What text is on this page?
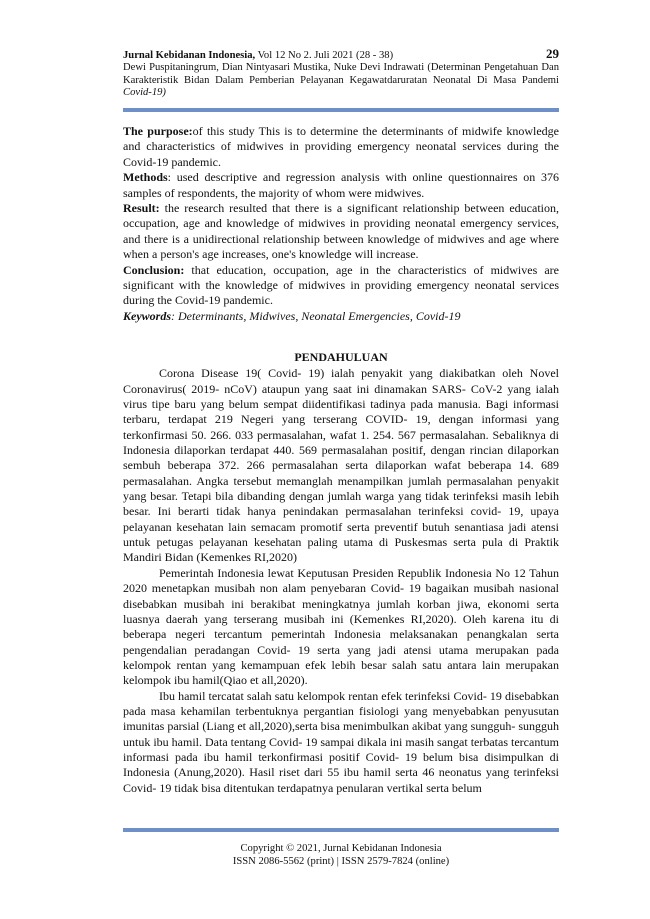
Jurnal Kebidanan Indonesia, Vol 12 No 2. Juli 2021 (28 - 38)	29
Dewi Puspitaningrum, Dian Nintyasari Mustika, Nuke Devi Indrawati (Determinan Pengetahuan Dan Karakteristik Bidan Dalam Pemberian Pelayanan Kegawatdaruratan Neonatal Di Masa Pandemi Covid-19)

The purpose:of this study This is to determine the determinants of midwife knowledge and characteristics of midwives in providing emergency neonatal services during the Covid-19 pandemic.

Methods: used descriptive and regression analysis with online questionnaires on 376 samples of respondents, the majority of whom were midwives.

Result: the research resulted that there is a significant relationship between education, occupation, age and knowledge of midwives in providing neonatal emergency services, and there is a unidirectional relationship between knowledge of midwives and age where when a person's age increases, one's knowledge will increase.

Conclusion: that education, occupation, age in the characteristics of midwives are significant with the knowledge of midwives in providing emergency neonatal services during the Covid-19 pandemic.

Keywords: Determinants, Midwives, Neonatal Emergencies, Covid-19

PENDAHULUAN

Corona Disease 19( Covid- 19) ialah penyakit yang diakibatkan oleh Novel Coronavirus( 2019- nCoV) ataupun yang saat ini dinamakan SARS- CoV-2 yang ialah virus tipe baru yang belum sempat diidentifikasi tadinya pada manusia. Bagi informasi terbaru, terdapat 219 Negeri yang terserang COVID- 19, dengan informasi yang terkonfirmasi 50. 266. 033 permasalahan, wafat 1. 254. 567 permasalahan. Sebaliknya di Indonesia dilaporkan terdapat 440. 569 permasalahan positif, dengan rincian dilaporkan sembuh beberapa 372. 266 permasalahan serta dilaporkan wafat beberapa 14. 689 permasalahan. Angka tersebut memanglah menampilkan jumlah permasalahan penyakit yang besar. Tetapi bila dibanding dengan jumlah warga yang tidak terinfeksi masih lebih besar. Ini berarti tidak hanya penindakan permasalahan terinfeksi covid- 19, upaya pelayanan kesehatan lain semacam promotif serta preventif butuh senantiasa jadi atensi untuk petugas pelayanan kesehatan paling utama di Puskesmas serta pula di Praktik Mandiri Bidan (Kemenkes RI,2020)

Pemerintah Indonesia lewat Keputusan Presiden Republik Indonesia No 12 Tahun 2020 menetapkan musibah non alam penyebaran Covid- 19 bagaikan musibah nasional disebabkan musibah ini berakibat meningkatnya jumlah korban jiwa, ekonomi serta luasnya daerah yang terserang musibah ini (Kemenkes RI,2020). Oleh karena itu di beberapa negeri tercantum pemerintah Indonesia melaksanakan penangkalan serta pengendalian peradangan Covid- 19 serta yang jadi atensi utama merupakan pada kelompok rentan yang kemampuan efek lebih besar salah satu antara lain merupakan kelompok ibu hamil(Qiao et all,2020).

Ibu hamil tercatat salah satu kelompok rentan efek terinfeksi Covid- 19 disebabkan pada masa kehamilan terbentuknya pergantian fisiologi yang menyebabkan penyusutan imunitas parsial (Liang et all,2020),serta bisa menimbulkan akibat yang sungguh- sungguh untuk ibu hamil. Data tentang Covid- 19 sampai dikala ini masih sangat terbatas tercantum informasi pada ibu hamil terkonfirmasi positif Covid- 19 belum bisa disimpulkan di Indonesia (Anung,2020). Hasil riset dari 55 ibu hamil serta 46 neonatus yang terinfeksi Covid- 19 tidak bisa ditentukan terdapatnya penularan vertikal serta belum

Copyright © 2021, Jurnal Kebidanan Indonesia
ISSN 2086-5562 (print) | ISSN 2579-7824 (online)
